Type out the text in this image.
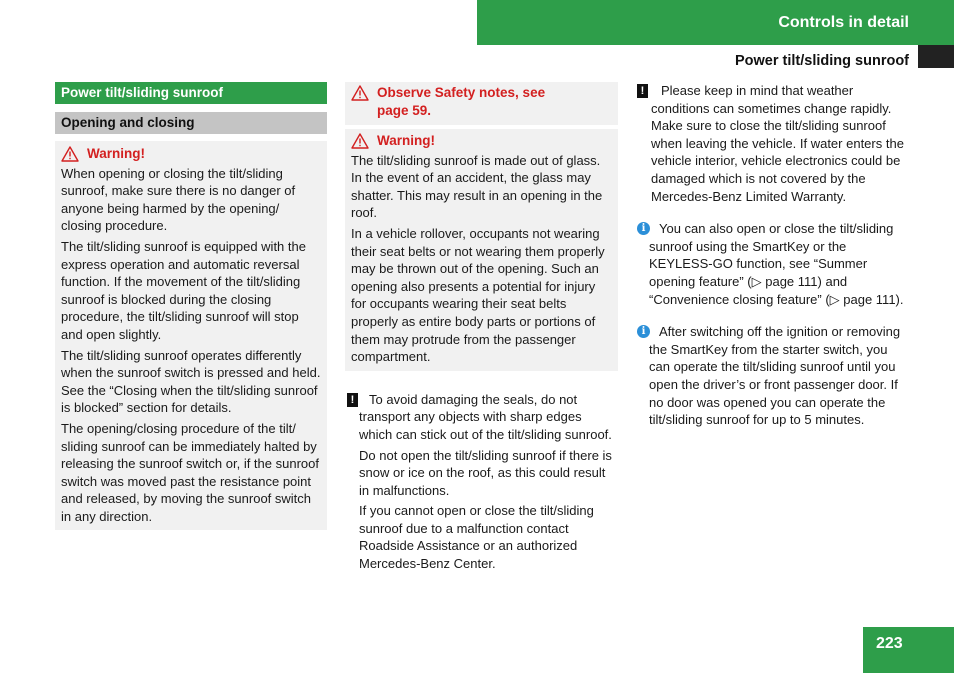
Controls in detail
Power tilt/sliding sunroof
Power tilt/sliding sunroof
Opening and closing
Warning!

When opening or closing the tilt/sliding sunroof, make sure there is no danger of anyone being harmed by the opening/ closing procedure.

The tilt/sliding sunroof is equipped with the express operation and automatic reversal function. If the movement of the tilt/sliding sunroof is blocked during the closing procedure, the tilt/sliding sunroof will stop and open slightly.

The tilt/sliding sunroof operates differently when the sunroof switch is pressed and held. See the “Closing when the tilt/sliding sunroof is blocked” section for details.

The opening/closing procedure of the tilt/ sliding sunroof can be immediately halted by releasing the sunroof switch or, if the sunroof switch was moved past the resistance point and released, by moving the sunroof switch in any direction.

Observe Safety notes, see page 59.
Warning!

The tilt/sliding sunroof is made out of glass. In the event of an accident, the glass may shatter. This may result in an opening in the roof.

In a vehicle rollover, occupants not wearing their seat belts or not wearing them properly may be thrown out of the opening. Such an opening also presents a potential for injury for occupants wearing their seat belts properly as entire body parts or portions of them may protrude from the passenger compartment.

!	To avoid damaging the seals, do not transport any objects with sharp edges which can stick out of the tilt/sliding sunroof.

Do not open the tilt/sliding sunroof if there is snow or ice on the roof, as this could result in malfunctions.

If you cannot open or close the tilt/sliding sunroof due to a malfunction contact Roadside Assistance or an authorized Mercedes-Benz Center.

!	Please keep in mind that weather conditions can sometimes change rapidly. Make sure to close the tilt/sliding sunroof when leaving the vehicle. If water enters the vehicle interior, vehicle electronics could be damaged which is not covered by the Mercedes-Benz Limited Warranty.

i	You can also open or close the tilt/sliding sunroof using the SmartKey or the KEYLESS-GO function, see “Summer opening feature” (▷ page 111) and “Convenience closing feature” (▷ page 111).

i	After switching off the ignition or removing the SmartKey from the starter switch, you can operate the tilt/sliding sunroof until you open the driver’s or front passenger door. If no door was opened you can operate the tilt/sliding sunroof for up to 5 minutes.

223
